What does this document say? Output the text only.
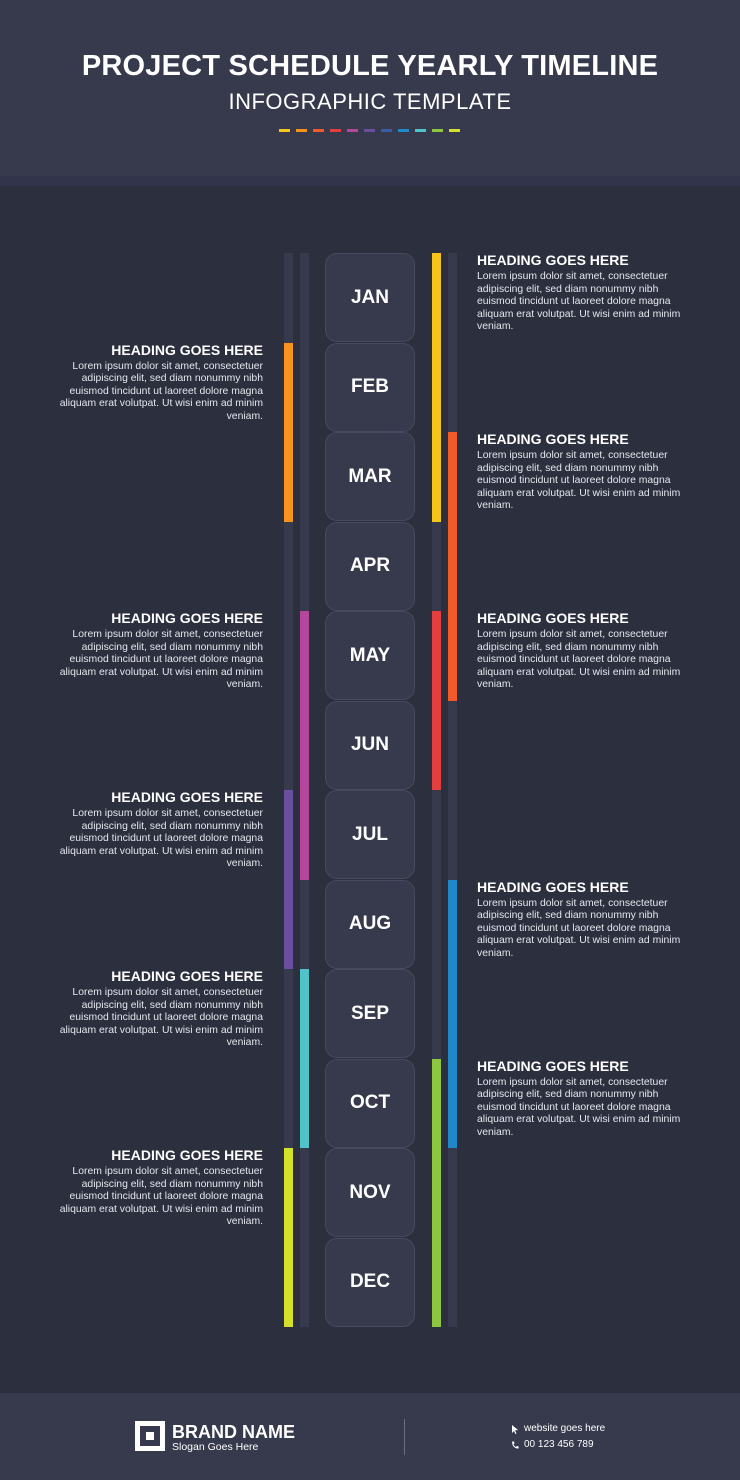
PROJECT SCHEDULE YEARLY TIMELINE
INFOGRAPHIC TEMPLATE
JAN
FEB
MAR
APR
MAY
JUN
JUL
AUG
SEP
OCT
NOV
DEC
HEADING GOES HERE
Lorem ipsum dolor sit amet, consectetuer adipiscing elit, sed diam nonummy nibh euismod tincidunt ut laoreet dolore magna aliquam erat volutpat. Ut wisi enim ad minim veniam.
HEADING GOES HERE
Lorem ipsum dolor sit amet, consectetuer adipiscing elit, sed diam nonummy nibh euismod tincidunt ut laoreet dolore magna aliquam erat volutpat. Ut wisi enim ad minim veniam.
HEADING GOES HERE
Lorem ipsum dolor sit amet, consectetuer adipiscing elit, sed diam nonummy nibh euismod tincidunt ut laoreet dolore magna aliquam erat volutpat. Ut wisi enim ad minim veniam.
HEADING GOES HERE
Lorem ipsum dolor sit amet, consectetuer adipiscing elit, sed diam nonummy nibh euismod tincidunt ut laoreet dolore magna aliquam erat volutpat. Ut wisi enim ad minim veniam.
HEADING GOES HERE
Lorem ipsum dolor sit amet, consectetuer adipiscing elit, sed diam nonummy nibh euismod tincidunt ut laoreet dolore magna aliquam erat volutpat. Ut wisi enim ad minim veniam.
HEADING GOES HERE
Lorem ipsum dolor sit amet, consectetuer adipiscing elit, sed diam nonummy nibh euismod tincidunt ut laoreet dolore magna aliquam erat volutpat. Ut wisi enim ad minim veniam.
HEADING GOES HERE
Lorem ipsum dolor sit amet, consectetuer adipiscing elit, sed diam nonummy nibh euismod tincidunt ut laoreet dolore magna aliquam erat volutpat. Ut wisi enim ad minim veniam.
HEADING GOES HERE
Lorem ipsum dolor sit amet, consectetuer adipiscing elit, sed diam nonummy nibh euismod tincidunt ut laoreet dolore magna aliquam erat volutpat. Ut wisi enim ad minim veniam.
HEADING GOES HERE
Lorem ipsum dolor sit amet, consectetuer adipiscing elit, sed diam nonummy nibh euismod tincidunt ut laoreet dolore magna aliquam erat volutpat. Ut wisi enim ad minim veniam.
HEADING GOES HERE
Lorem ipsum dolor sit amet, consectetuer adipiscing elit, sed diam nonummy nibh euismod tincidunt ut laoreet dolore magna aliquam erat volutpat. Ut wisi enim ad minim veniam.
BRAND NAME
Slogan Goes Here
website goes here
00 123 456 789
